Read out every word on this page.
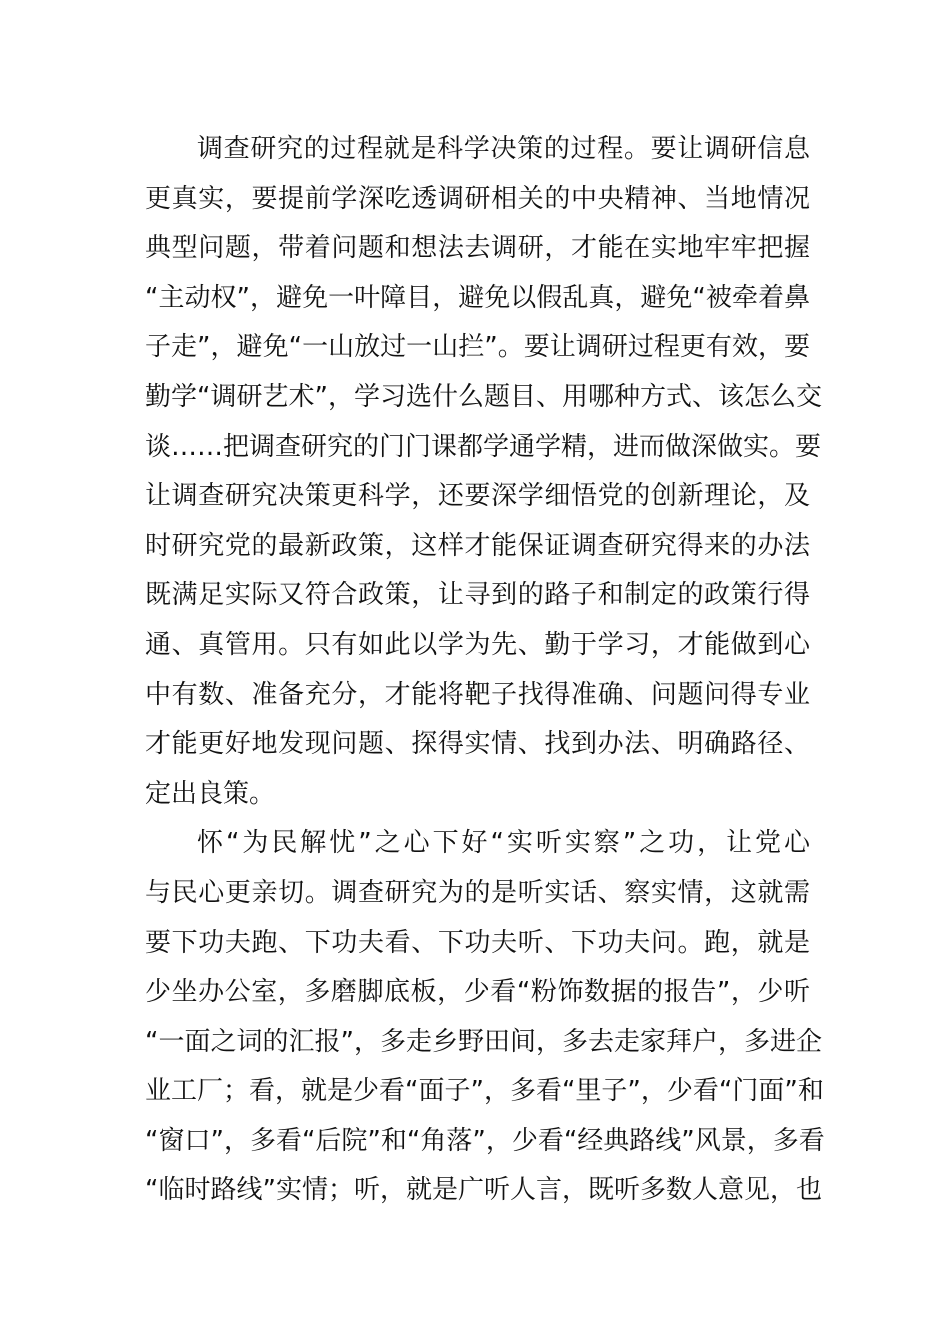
调查研究的过程就是科学决策的过程。要让调研信息
更真实，要提前学深吃透调研相关的中央精神、当地情况
典型问题，带着问题和想法去调研，才能在实地牢牢把握
“主动权”，避免一叶障目，避免以假乱真，避免“被牵着鼻
子走”，避免“一山放过一山拦”。要让调研过程更有效，要
勤学“调研艺术”，学习选什么题目、用哪种方式、该怎么交
谈……把调查研究的门门课都学通学精，进而做深做实。要
让调查研究决策更科学，还要深学细悟党的创新理论，及
时研究党的最新政策，这样才能保证调查研究得来的办法
既满足实际又符合政策，让寻到的路子和制定的政策行得
通、真管用。只有如此以学为先、勤于学习，才能做到心
中有数、准备充分，才能将靶子找得准确、问题问得专业
才能更好地发现问题、探得实情、找到办法、明确路径、
定出良策。
怀“为民解忧”之心下好“实听实察”之功，让党心
与民心更亲切。调查研究为的是听实话、察实情，这就需
要下功夫跑、下功夫看、下功夫听、下功夫问。跑，就是
少坐办公室，多磨脚底板，少看“粉饰数据的报告”，少听
“一面之词的汇报”，多走乡野田间，多去走家拜户，多进企
业工厂；看，就是少看“面子”，多看“里子”，少看“门面”和
“窗口”，多看“后院”和“角落”，少看“经典路线”风景，多看
“临时路线”实情；听，就是广听人言，既听多数人意见，也
